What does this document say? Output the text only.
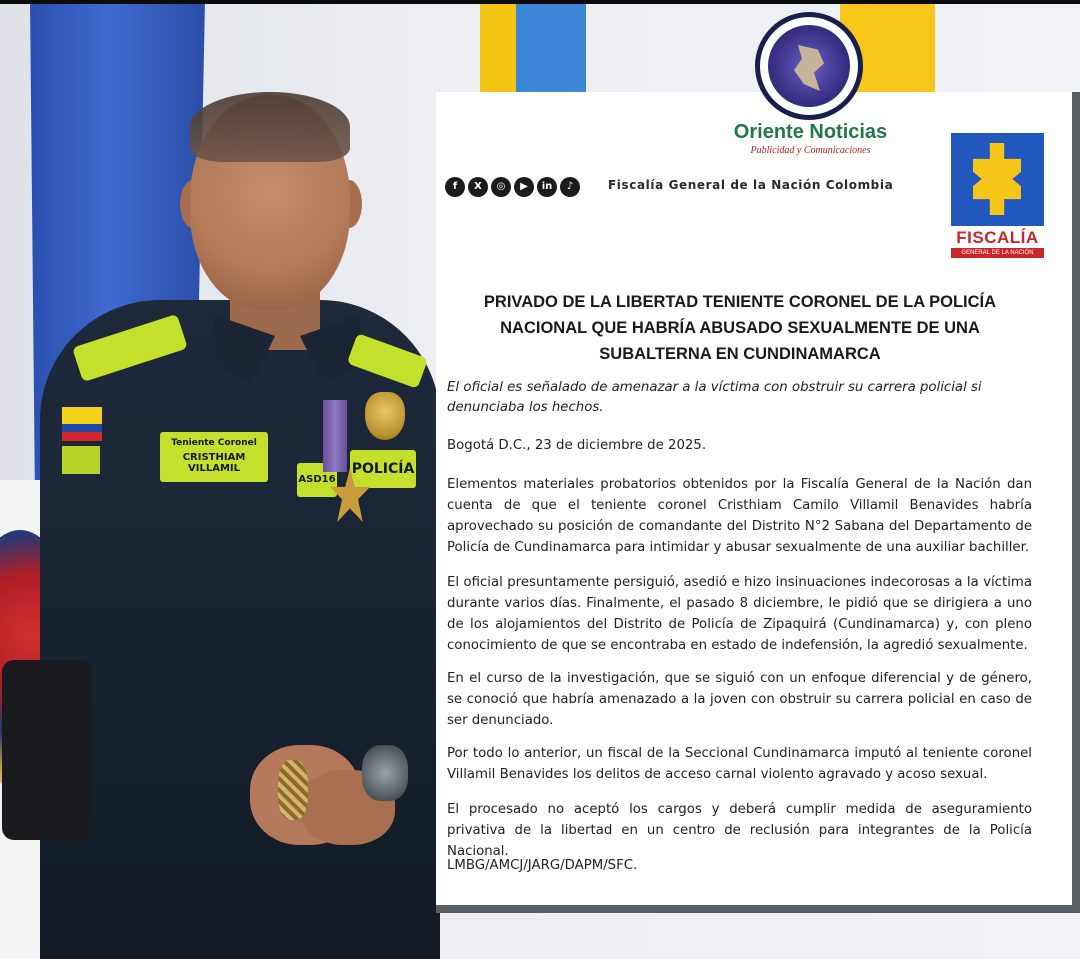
Teniente Coronel
CRISTHIAM VILLAMIL
ASD16
POLICÍA
Oriente Noticias
Publicidad y Comunicaciones
f	X	◎	▶	in	♪	Fiscalía General de la Nación Colombia
FISCALÍA
GENERAL DE LA NACIÓN
PRIVADO DE LA LIBERTAD TENIENTE CORONEL DE LA POLICÍA
NACIONAL QUE HABRÍA ABUSADO SEXUALMENTE DE UNA
SUBALTERNA EN CUNDINAMARCA
El oficial es señalado de amenazar a la víctima con obstruir su carrera policial si denunciaba los hechos.
Bogotá D.C., 23 de diciembre de 2025.
Elementos materiales probatorios obtenidos por la Fiscalía General de la Nación dan cuenta de que el teniente coronel Cristhiam Camilo Villamil Benavides habría aprovechado su posición de comandante del Distrito N°2 Sabana del Departamento de Policía de Cundinamarca para intimidar y abusar sexualmente de una auxiliar bachiller.
El oficial presuntamente persiguió, asedió e hizo insinuaciones indecorosas a la víctima durante varios días. Finalmente, el pasado 8 diciembre, le pidió que se dirigiera a uno de los alojamientos del Distrito de Policía de Zipaquirá (Cundinamarca) y, con pleno conocimiento de que se encontraba en estado de indefensión, la agredió sexualmente.
En el curso de la investigación, que se siguió con un enfoque diferencial y de género, se conoció que habría amenazado a la joven con obstruir su carrera policial en caso de ser denunciado.
Por todo lo anterior, un fiscal de la Seccional Cundinamarca imputó al teniente coronel Villamil Benavides los delitos de acceso carnal violento agravado y acoso sexual.
El procesado no aceptó los cargos y deberá cumplir medida de aseguramiento privativa de la libertad en un centro de reclusión para integrantes de la Policía Nacional.
LMBG/AMCJ/JARG/DAPM/SFC.
